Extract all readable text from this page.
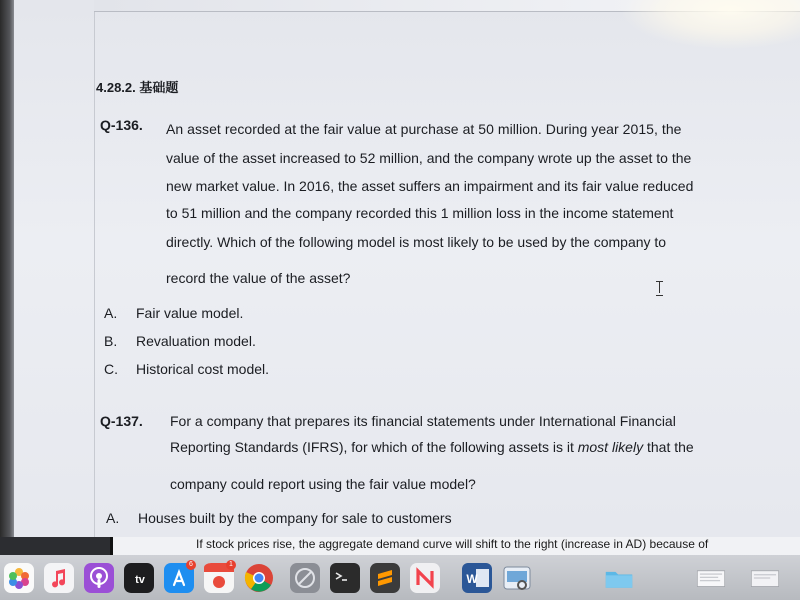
4.28.2. 基础题
Q-136. An asset recorded at the fair value at purchase at 50 million. During year 2015, the
value of the asset increased to 52 million, and the company wrote up the asset to the
new market value. In 2016, the asset suffers an impairment and its fair value reduced
to 51 million and the company recorded this 1 million loss in the income statement
directly. Which of the following model is most likely to be used by the company to
record the value of the asset?
A. Fair value model.
B. Revaluation model.
C. Historical cost model.
Q-137. For a company that prepares its financial statements under International Financial
Reporting Standards (IFRS), for which of the following assets is it most likely that the
company could report using the fair value model?
A. Houses built by the company for sale to customers
If stock prices rise, the aggregate demand curve will shift to the right (increase in AD) because of
tv
6	1
W
